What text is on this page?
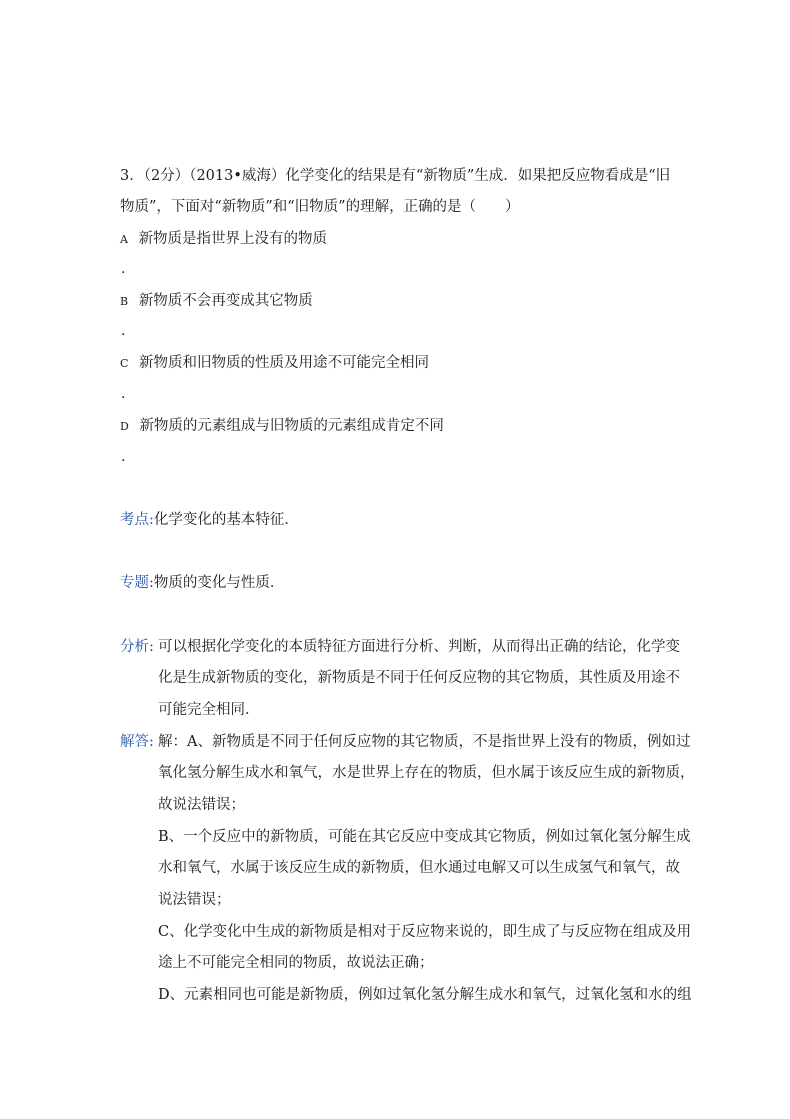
3．（2分）（2013•威海）化学变化的结果是有“新物质”生成．如果把反应物看成是“旧
物质”，下面对“新物质”和“旧物质”的理解，正确的是（　　）
A 新物质是指世界上没有的物质
.
B 新物质不会再变成其它物质
.
C 新物质和旧物质的性质及用途不可能完全相同
.
D 新物质的元素组成与旧物质的元素组成肯定不同
.
考点:化学变化的基本特征．
专题:物质的变化与性质．
分析: 可以根据化学变化的本质特征方面进行分析、判断，从而得出正确的结论，化学变
化是生成新物质的变化，新物质是不同于任何反应物的其它物质，其性质及用途不
可能完全相同．
解答: 解：A、新物质是不同于任何反应物的其它物质，不是指世界上没有的物质，例如过
氧化氢分解生成水和氧气，水是世界上存在的物质，但水属于该反应生成的新物质，
故说法错误；
B、一个反应中的新物质，可能在其它反应中变成其它物质，例如过氧化氢分解生成
水和氧气，水属于该反应生成的新物质，但水通过电解又可以生成氢气和氧气，故
说法错误；
C、化学变化中生成的新物质是相对于反应物来说的，即生成了与反应物在组成及用
途上不可能完全相同的物质，故说法正确；
D、元素相同也可能是新物质，例如过氧化氢分解生成水和氧气，过氧化氢和水的组
